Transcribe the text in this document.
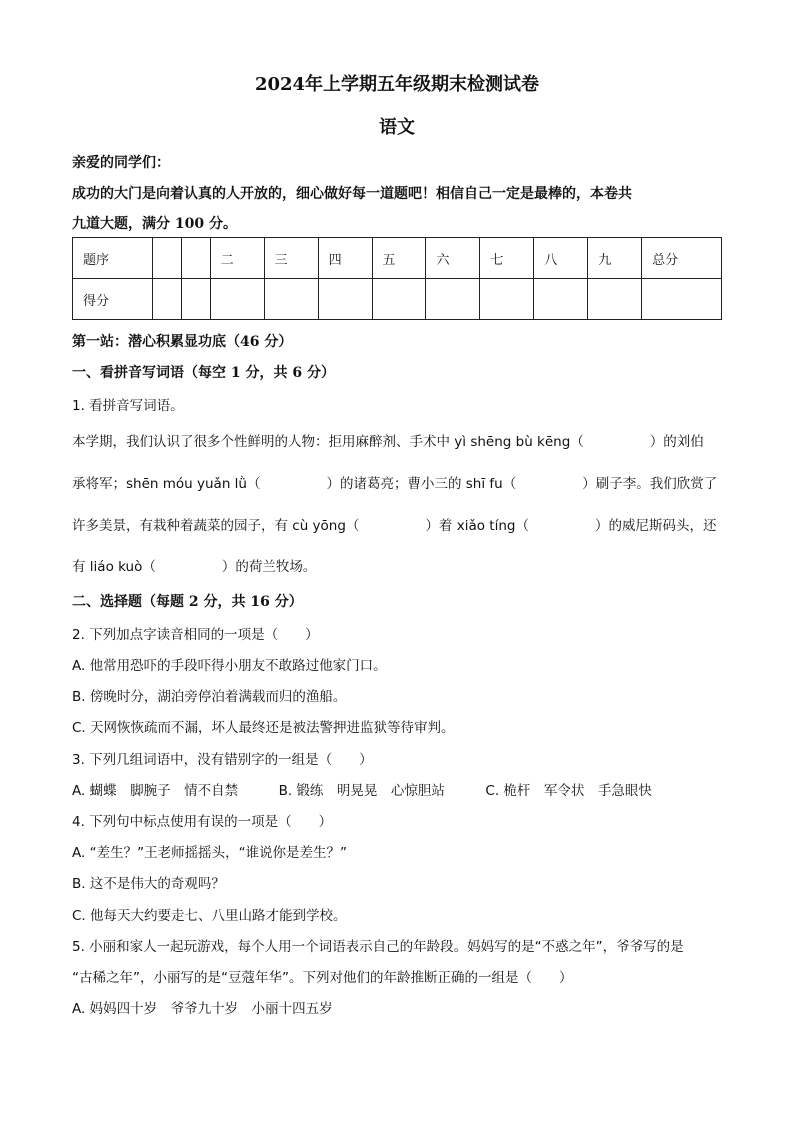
2024年上学期五年级期末检测试卷
语文
亲爱的同学们：
成功的大门是向着认真的人开放的，细心做好每一道题吧！相信自己一定是最棒的，本卷共
九道大题，满分 100 分。
题序			二	三	四	五	六	七	八	九	总分
得分											
第一站：潜心积累显功底（46 分）
一、看拼音写词语（每空 1 分，共 6 分）
1. 看拼音写词语。
本学期，我们认识了很多个性鲜明的人物：拒用麻醉剂、手术中 yì shēng bù kēng（	）的刘伯
承将军；shēn móu yuǎn lǜ（	）的诸葛亮；曹小三的 shī fu（	）刷子李。我们欣赏了
许多美景，有栽种着蔬菜的园子，有 cù yōng（	）着 xiǎo tíng（	）的威尼斯码头，还
有 liáo kuò（	）的荷兰牧场。
二、选择题（每题 2 分，共 16 分）
2. 下列加点字读音相同的一项是（　　）
A. 他常用恐吓的手段吓得小朋友不敢路过他家门口。
B. 傍晚时分，湖泊旁停泊着满载而归的渔船。
C. 天网恢恢疏而不漏，坏人最终还是被法警押进监狱等待审判。
3. 下列几组词语中，没有错别字的一组是（　　）
A. 蝴蝶　脚腕子　情不自禁　　　B. 锻练　明晃晃　心惊胆站　　　C. 桅杆　军令状　手急眼快
4. 下列句中标点使用有误的一项是（　　）
A. “差生？”王老师摇摇头，“谁说你是差生？”
B. 这不是伟大的奇观吗？
C. 他每天大约要走七、八里山路才能到学校。
5. 小丽和家人一起玩游戏，每个人用一个词语表示自己的年龄段。妈妈写的是“不惑之年”，爷爷写的是
“古稀之年”，小丽写的是“豆蔻年华”。下列对他们的年龄推断正确的一组是（　　）
A. 妈妈四十岁　爷爷九十岁　小丽十四五岁
